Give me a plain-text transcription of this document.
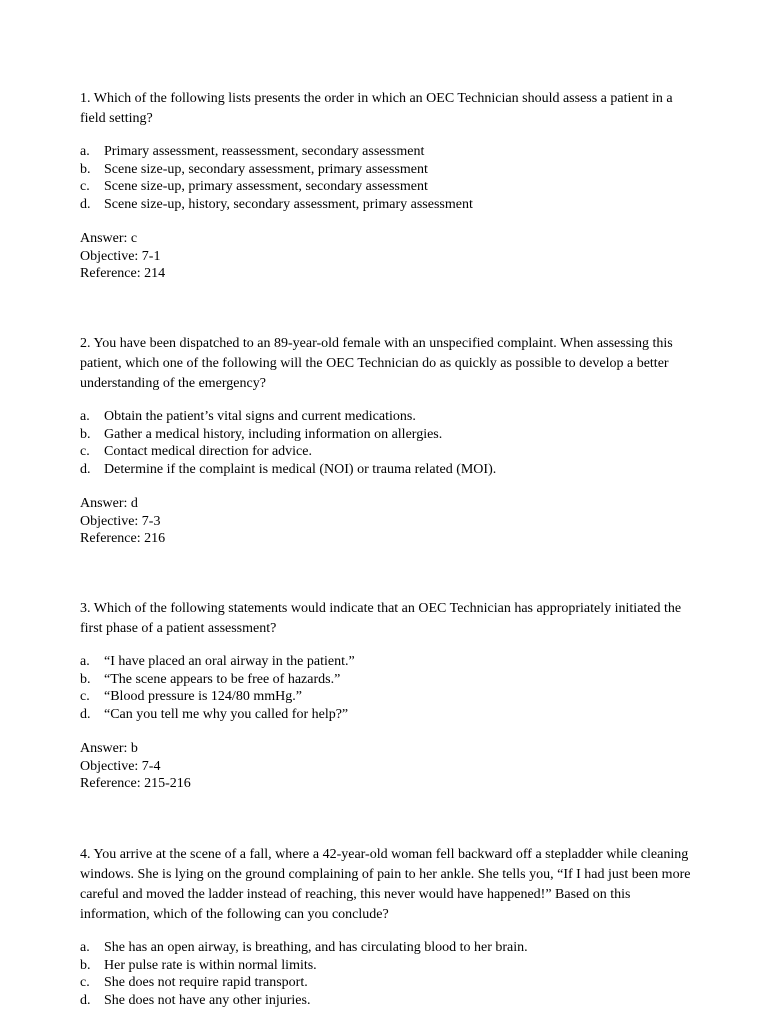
1. Which of the following lists presents the order in which an OEC Technician should assess a patient in a field setting?

a.	Primary assessment, reassessment, secondary assessment
b. Scene size-up, secondary assessment, primary assessment
c.	Scene size-up, primary assessment, secondary assessment
d. Scene size-up, history, secondary assessment, primary assessment
Answer: c
Objective: 7-1
Reference: 214

2. You have been dispatched to an 89-year-old female with an unspecified complaint. When assessing this patient, which one of the following will the OEC Technician do as quickly as possible to develop a better understanding of the emergency?

a.	Obtain the patient’s vital signs and current medications.
b. Gather a medical history, including information on allergies.
c.	Contact medical direction for advice.
d. Determine if the complaint is medical (NOI) or trauma related (MOI).
Answer: d
Objective: 7-3
Reference: 216

3. Which of the following statements would indicate that an OEC Technician has appropriately initiated the first phase of a patient assessment?

a.	“I have placed an oral airway in the patient.”
b. “The scene appears to be free of hazards.”
c.	“Blood pressure is 124/80 mmHg.”
d. “Can you tell me why you called for help?”
Answer: b
Objective: 7-4
Reference: 215-216

4. You arrive at the scene of a fall, where a 42-year-old woman fell backward off a stepladder while cleaning windows. She is lying on the ground complaining of pain to her ankle. She tells you, “If I had just been more careful and moved the ladder instead of reaching, this never would have happened!” Based on this information, which of the following can you conclude?

a.	She has an open airway, is breathing, and has circulating blood to her brain.
b. Her pulse rate is within normal limits.
c.	She does not require rapid transport.
d. She does not have any other injuries.
